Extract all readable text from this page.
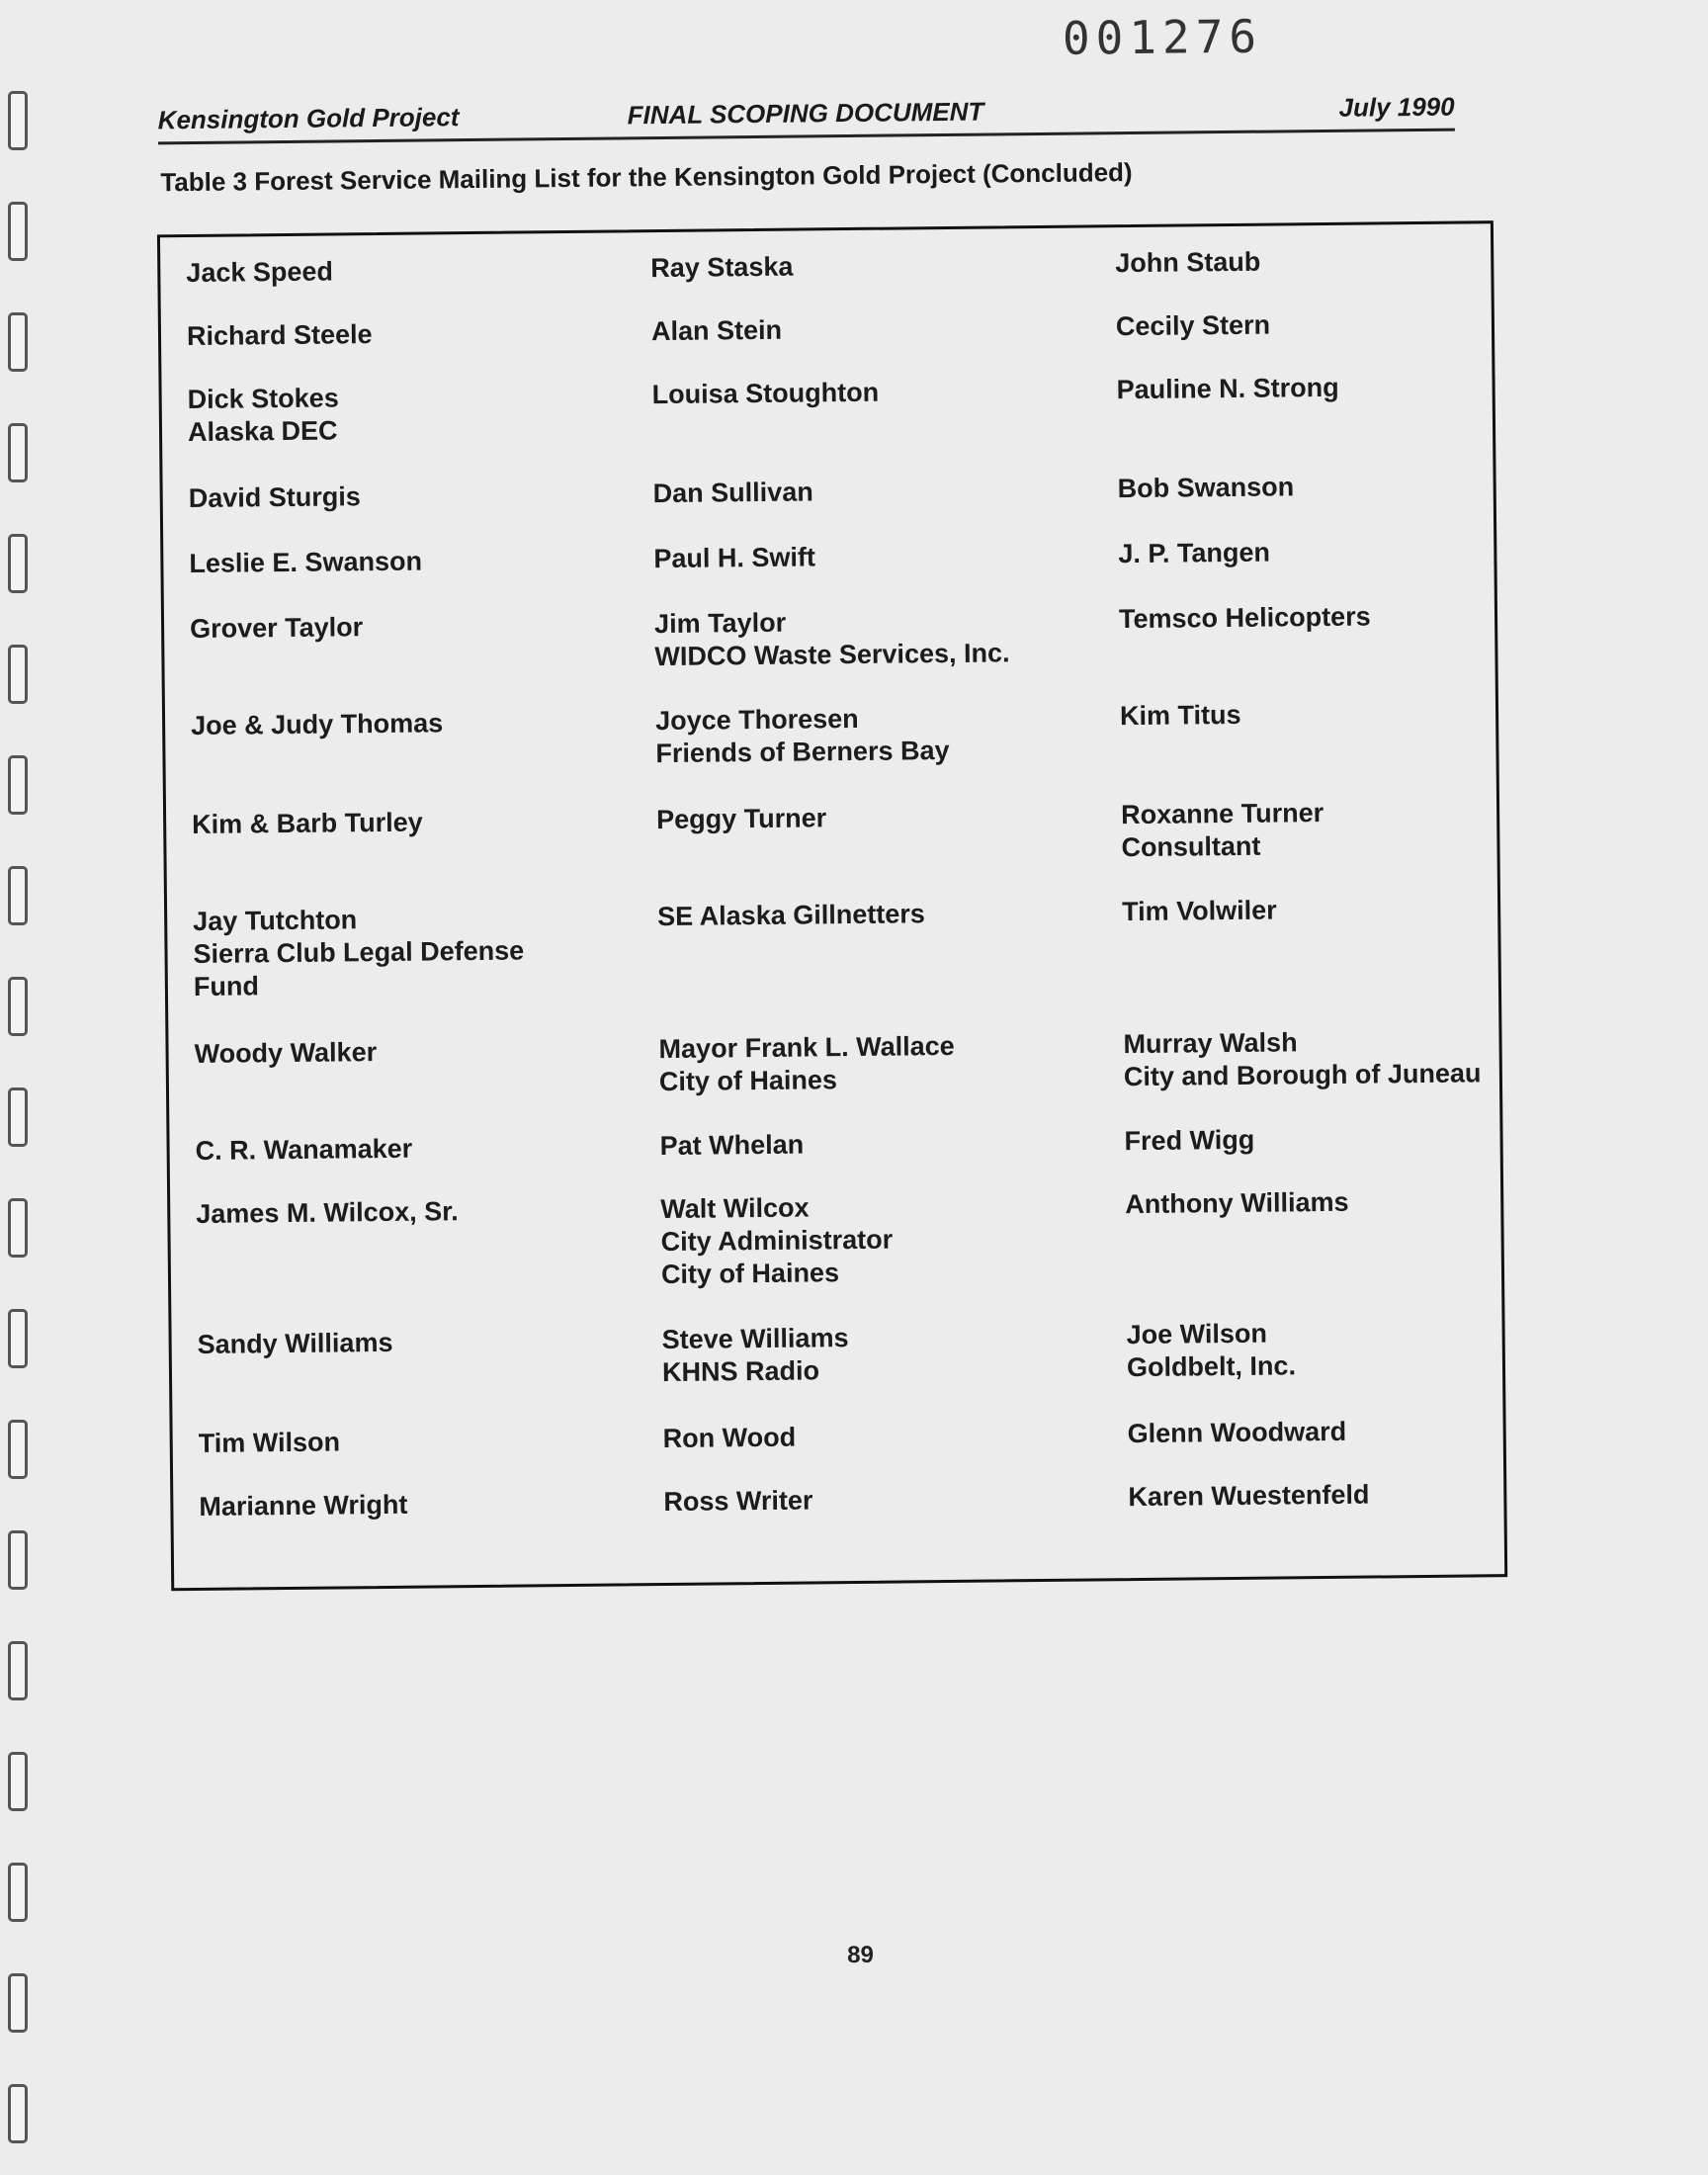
001276
Kensington Gold Project	FINAL SCOPING DOCUMENT	July 1990
Table 3 Forest Service Mailing List for the Kensington Gold Project (Concluded)
Jack Speed
Richard Steele
Dick Stokes
Alaska DEC
David Sturgis
Leslie E. Swanson
Grover Taylor
Joe & Judy Thomas
Kim & Barb Turley
Jay Tutchton
Sierra Club Legal Defense
Fund
Woody Walker
C. R. Wanamaker
James M. Wilcox, Sr.
Sandy Williams
Tim Wilson
Marianne Wright
Ray Staska
Alan Stein
Louisa Stoughton
Dan Sullivan
Paul H. Swift
Jim Taylor
WIDCO Waste Services, Inc.
Joyce Thoresen
Friends of Berners Bay
Peggy Turner
SE Alaska Gillnetters
Mayor Frank L. Wallace
City of Haines
Pat Whelan
Walt Wilcox
City Administrator
City of Haines
Steve Williams
KHNS Radio
Ron Wood
Ross Writer
John Staub
Cecily Stern
Pauline N. Strong
Bob Swanson
J. P. Tangen
Temsco Helicopters
Kim Titus
Roxanne Turner
Consultant
Tim Volwiler
Murray Walsh
City and Borough of Juneau
Fred Wigg
Anthony Williams
Joe Wilson
Goldbelt, Inc.
Glenn Woodward
Karen Wuestenfeld
89
